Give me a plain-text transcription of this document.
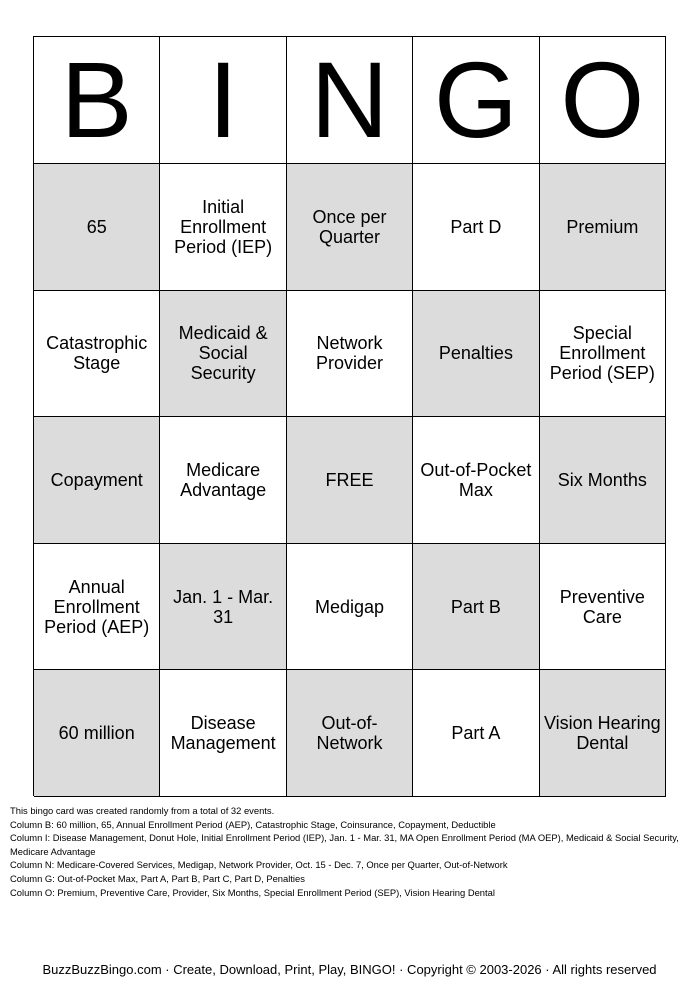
B I N G O
65
Initial Enrollment Period (IEP)
Once per Quarter	Part D	Premium
Catastrophic Stage
Medicaid & Social Security
Network Provider	Penalties
Special Enrollment Period (SEP)
Copayment	Medicare Advantage	FREE	Out-of-Pocket Max	Six Months
Annual Enrollment Period (AEP)
Jan. 1 - Mar. 31	Medigap	Part B	Preventive Care
60 million	Disease Management
Out-of-Network	Part A	Vision Hearing Dental
This bingo card was created randomly from a total of 32 events.
Column B: 60 million, 65, Annual Enrollment Period (AEP), Catastrophic Stage, Coinsurance, Copayment, Deductible
Column I: Disease Management, Donut Hole, Initial Enrollment Period (IEP), Jan. 1 - Mar. 31, MA Open Enrollment Period (MA OEP), Medicaid & Social Security, Medicare Advantage
Column N: Medicare-Covered Services, Medigap, Network Provider, Oct. 15 - Dec. 7, Once per Quarter, Out-of-Network
Column G: Out-of-Pocket Max, Part A, Part B, Part C, Part D, Penalties
Column O: Premium, Preventive Care, Provider, Six Months, Special Enrollment Period (SEP), Vision Hearing Dental
BuzzBuzzBingo.com · Create, Download, Print, Play, BINGO! · Copyright © 2003-2026 · All rights reserved
